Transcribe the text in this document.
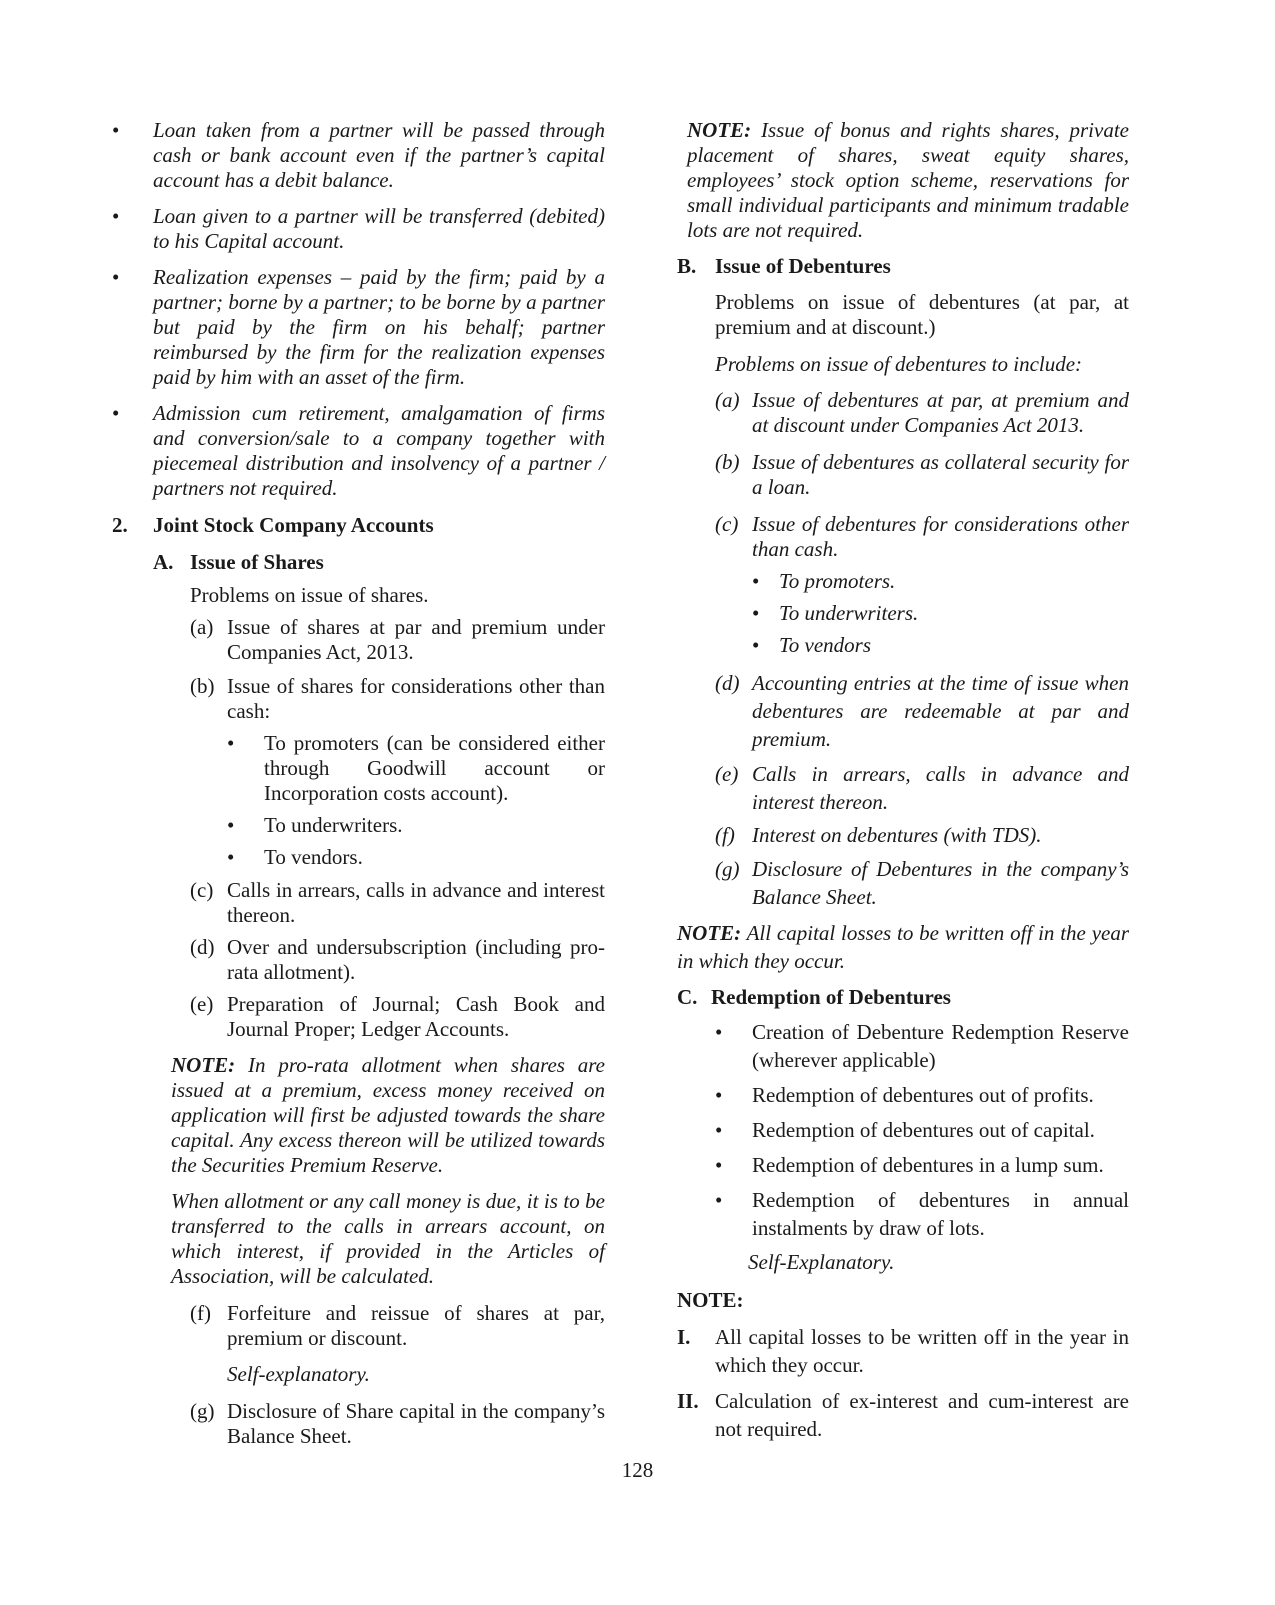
•	Loan taken from a partner will be passed through cash or bank account even if the partner’s capital account has a debit balance.
•	Loan given to a partner will be transferred (debited) to his Capital account.
•	Realization expenses – paid by the firm; paid by a partner; borne by a partner; to be borne by a partner but paid by the firm on his behalf; partner reimbursed by the firm for the realization expenses paid by him with an asset of the firm.
•	Admission cum retirement, amalgamation of firms and conversion/sale to a company together with piecemeal distribution and insolvency of a partner / partners not required.
2.	Joint Stock Company Accounts
A. Issue of Shares

Problems on issue of shares.

(a) Issue of shares at par and premium under Companies Act, 2013.
(b) Issue of shares for considerations other than cash:
•	To promoters (can be considered either through Goodwill account or Incorporation costs account).
•	To underwriters.
•	To vendors.
(c) Calls in arrears, calls in advance and interest thereon.
(d) Over and undersubscription (including pro-rata allotment).
(e) Preparation of Journal; Cash Book and Journal Proper; Ledger Accounts.

NOTE: In pro-rata allotment when shares are issued at a premium, excess money received on application will first be adjusted towards the share capital. Any excess thereon will be utilized towards the Securities Premium Reserve.

When allotment or any call money is due, it is to be transferred to the calls in arrears account, on which interest, if provided in the Articles of Association, will be calculated.

(f) Forfeiture and reissue of shares at par, premium or discount.

Self-explanatory.

(g) Disclosure of Share capital in the company’s Balance Sheet.

NOTE: Issue of bonus and rights shares, private placement of shares, sweat equity shares, employees’ stock option scheme, reservations for small individual participants and minimum tradable lots are not required.

B. Issue of Debentures

Problems on issue of debentures (at par, at premium and at discount.)

Problems on issue of debentures to include:

(a) Issue of debentures at par, at premium and at discount under Companies Act 2013.
(b) Issue of debentures as collateral security for a loan.
(c) Issue of debentures for considerations other than cash.
• To promoters.
• To underwriters.
• To vendors
(d) Accounting entries at the time of issue when debentures are redeemable at par and premium.
(e) Calls in arrears, calls in advance and interest thereon.
(f) Interest on debentures (with TDS).
(g) Disclosure of Debentures in the company’s Balance Sheet.

NOTE: All capital losses to be written off in the year in which they occur.

C. Redemption of Debentures
•	Creation of Debenture Redemption Reserve (wherever applicable)
•	Redemption of debentures out of profits.
•	Redemption of debentures out of capital.
•	Redemption of debentures in a lump sum.
•	Redemption of debentures in annual instalments by draw of lots.

Self-Explanatory.

NOTE:

I.	All capital losses to be written off in the year in which they occur.
II. Calculation of ex-interest and cum-interest are not required.
128
